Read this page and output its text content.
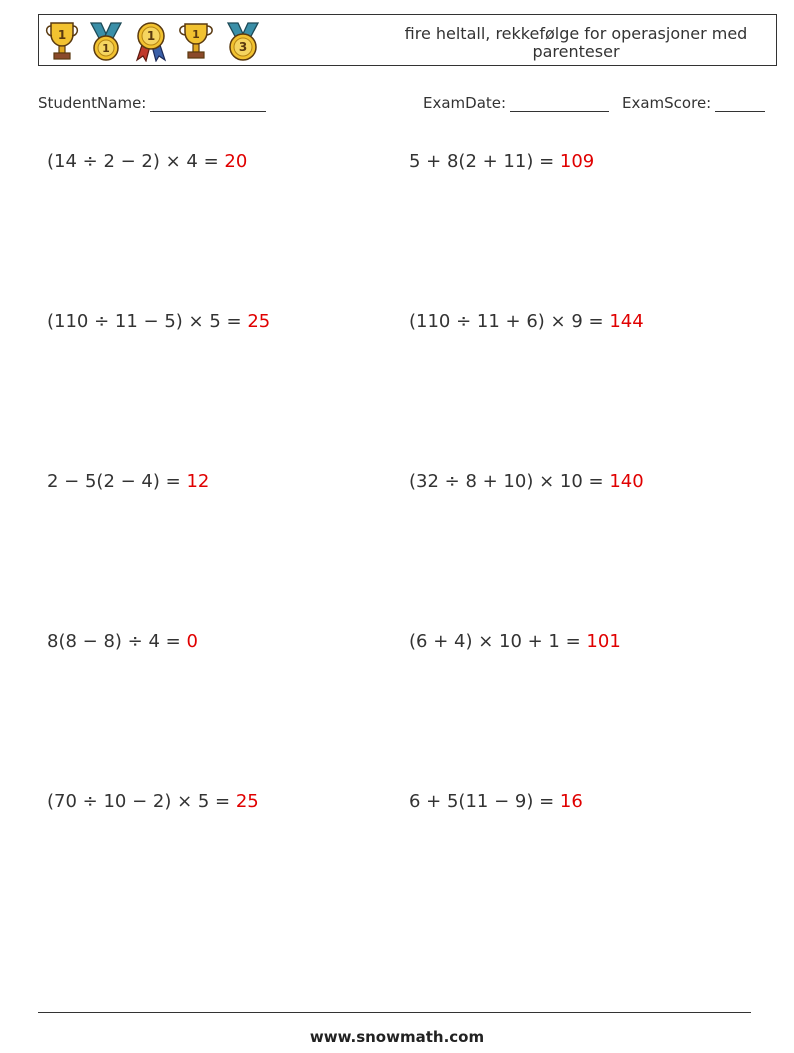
1
1
1	1
3
fire heltall, rekkefølge for operasjoner med parenteser
StudentName:	ExamDate:	ExamScore:
(14 ÷ 2 − 2) × 4 = 20	5 + 8(2 + 11) = 109
(110 ÷ 11 − 5) × 5 = 25	(110 ÷ 11 + 6) × 9 = 144
2 − 5(2 − 4) = 12	(32 ÷ 8 + 10) × 10 = 140
8(8 − 8) ÷ 4 = 0	(6 + 4) × 10 + 1 = 101
(70 ÷ 10 − 2) × 5 = 25	6 + 5(11 − 9) = 16
www.snowmath.com
